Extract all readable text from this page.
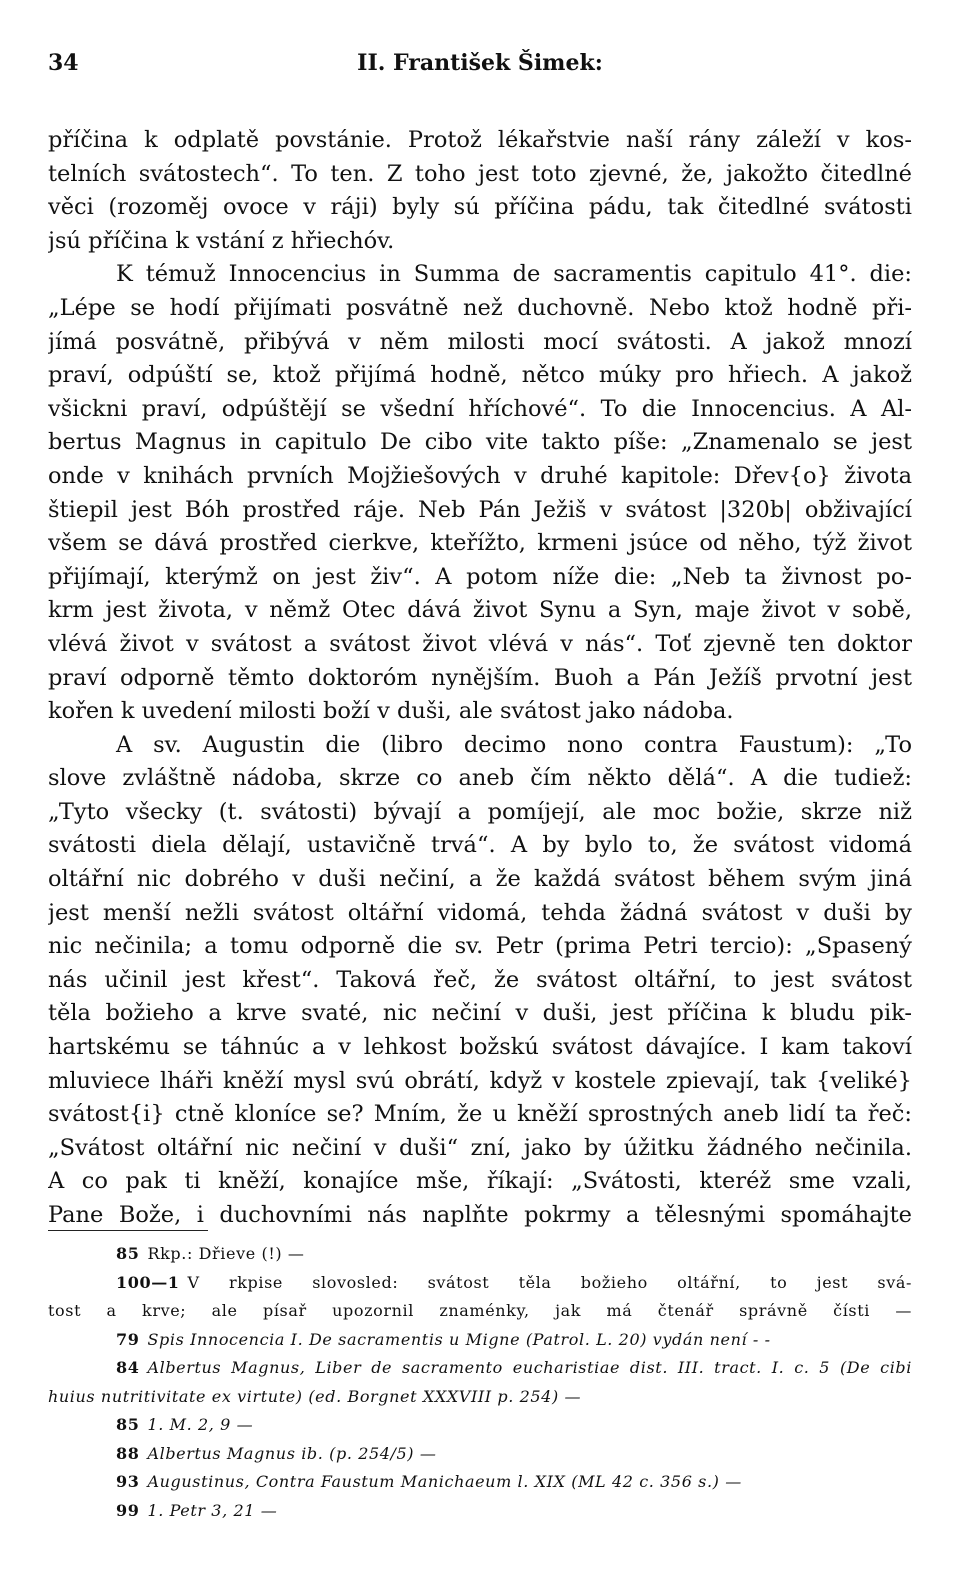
34	II. František Šimek:
příčina k odplatě povstánie. Protož lékařstvie naší rány záleží v kos-
telních svátostech“. To ten. Z toho jest toto zjevné, že, jakožto čitedlné
věci (rozoměj ovoce v ráji) byly sú příčina pádu, tak čitedlné svátosti
jsú příčina k vstání z hřiechóv.
K témuž Innocencius in Summa de sacramentis capitulo 41°. die:
„Lépe se hodí přijímati posvátně než duchovně. Nebo ktož hodně při-
jímá posvátně, přibývá v něm milosti mocí svátosti. A jakož mnozí
praví, odpúští se, ktož přijímá hodně, nětco múky pro hřiech. A jakož
všickni praví, odpúštějí se všední hříchové“. To die Innocencius. A Al-
bertus Magnus in capitulo De cibo vite takto píše: „Znamenalo se jest
onde v knihách prvních Mojžiešových v druhé kapitole: Dřev{o} života
štiepil jest Bóh prostřed ráje. Neb Pán Ježiš v svátost |320b| obživající
všem se dává prostřed cierkve, kteřížto, krmeni jsúce od něho, týž život
přijímají, kterýmž on jest živ“. A potom níže die: „Neb ta živnost po-
krm jest života, v němž Otec dává život Synu a Syn, maje život v sobě,
vlévá život v svátost a svátost život vlévá v nás“. Toť zjevně ten doktor
praví odporně těmto doktoróm nynějším. Buoh a Pán Ježíš prvotní jest
kořen k uvedení milosti boží v duši, ale svátost jako nádoba.
A sv. Augustin die (libro decimo nono contra Faustum): „To
slove zvláštně nádoba, skrze co aneb čím někto dělá“. A die tudiež:
„Tyto všecky (t. svátosti) bývají a pomíjejí, ale moc božie, skrze niž
svátosti diela dělají, ustavičně trvá“. A by bylo to, že svátost vidomá
oltářní nic dobrého v duši nečiní, a že každá svátost během svým jiná
jest menší nežli svátost oltářní vidomá, tehda žádná svátost v duši by
nic nečinila; a tomu odporně die sv. Petr (prima Petri tercio): „Spasený
nás učinil jest křest“. Taková řeč, že svátost oltářní, to jest svátost
těla božieho a krve svaté, nic nečiní v duši, jest příčina k bludu pik-
hartskému se táhnúc a v lehkost božskú svátost dávajíce. I kam takoví
mluviece lháři kněží mysl svú obrátí, když v kostele zpievají, tak {veliké}
svátost{i} ctně kloníce se? Mním, že u kněží sprostných aneb lidí ta řeč:
„Svátost oltářní nic nečiní v duši“ zní, jako by úžitku žádného nečinila.
A co pak ti kněží, konajíce mše, říkají: „Svátosti, kteréž sme vzali,
Pane Bože, i duchovními nás naplňte pokrmy a tělesnými spomáhajte
85 Rkp.: Dřieve (!) —
100—1 V rkpise slovosled: svátost těla božieho oltářní, to jest svá-
tost a krve; ale písař upozornil znaménky, jak má čtenář správně čísti —
79 Spis Innocencia I. De sacramentis u Migne (Patrol. L. 20) vydán není - -
84 Albertus Magnus, Liber de sacramento eucharistiae dist. III. tract. I. c. 5 (De cibi
huius nutritivitate ex virtute) (ed. Borgnet XXXVIII p. 254) —
85 1. M. 2, 9 —
88 Albertus Magnus ib. (p. 254/5) —
93 Augustinus, Contra Faustum Manichaeum l. XIX (ML 42 c. 356 s.) —
99 1. Petr 3, 21 —
